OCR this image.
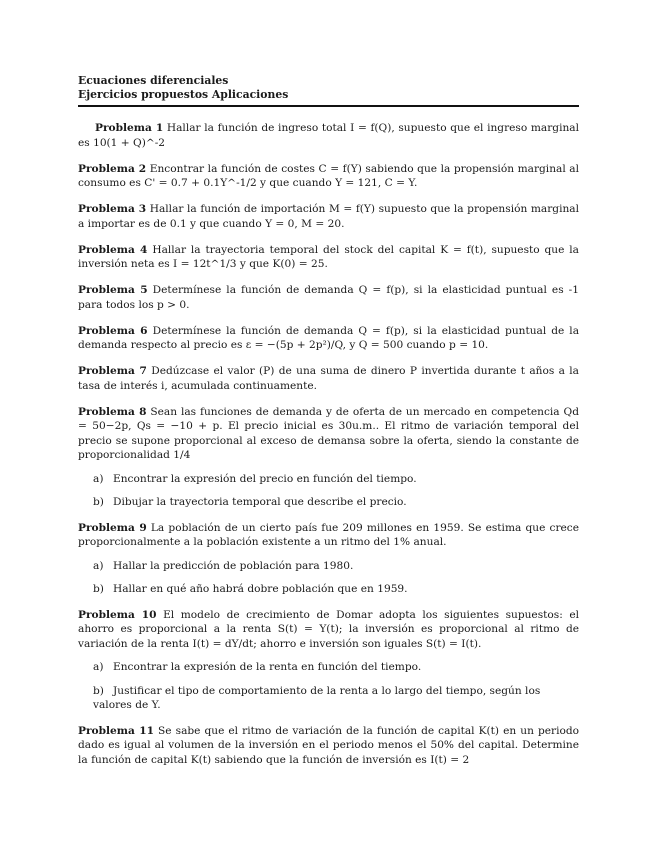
Ecuaciones diferenciales
Ejercicios propuestos Aplicaciones

Problema 1 Hallar la función de ingreso total I = f(Q), supuesto que el ingreso marginal es 10(1 + Q)^-2

Problema 2 Encontrar la función de costes C = f(Y) sabiendo que la propensión marginal al consumo es C' = 0.7 + 0.1Y^-1/2 y que cuando Y = 121, C = Y.

Problema 3 Hallar la función de importación M = f(Y) supuesto que la propensión marginal a importar es de 0.1 y que cuando Y = 0, M = 20.

Problema 4 Hallar la trayectoria temporal del stock del capital K = f(t), supuesto que la inversión neta es I = 12t^1/3 y que K(0) = 25.

Problema 5 Determínese la función de demanda Q = f(p), si la elasticidad puntual es -1 para todos los p > 0.

Problema 6 Determínese la función de demanda Q = f(p), si la elasticidad puntual de la demanda respecto al precio es ε = −(5p + 2p²)/Q, y Q = 500 cuando p = 10.

Problema 7 Dedúzcase el valor (P) de una suma de dinero P invertida durante t años a la tasa de interés i, acumulada continuamente.

Problema 8 Sean las funciones de demanda y de oferta de un mercado en competencia Qd = 50−2p, Qs = −10 + p. El precio inicial es 30u.m.. El ritmo de variación temporal del precio se supone proporcional al exceso de demansa sobre la oferta, siendo la constante de proporcionalidad 1/4

a) Encontrar la expresión del precio en función del tiempo.
b) Dibujar la trayectoria temporal que describe el precio.

Problema 9 La población de un cierto país fue 209 millones en 1959. Se estima que crece proporcionalmente a la población existente a un ritmo del 1% anual.

a) Hallar la predicción de población para 1980.
b) Hallar en qué año habrá dobre población que en 1959.

Problema 10 El modelo de crecimiento de Domar adopta los siguientes supuestos: el ahorro es proporcional a la renta S(t) = Y(t); la inversión es proporcional al ritmo de variación de la renta I(t) = dY/dt; ahorro e inversión son iguales S(t) = I(t).

a) Encontrar la expresión de la renta en función del tiempo.
b) Justificar el tipo de comportamiento de la renta a lo largo del tiempo, según los valores de Y.

Problema 11 Se sabe que el ritmo de variación de la función de capital K(t) en un periodo dado es igual al volumen de la inversión en el periodo menos el 50% del capital. Determine la función de capital K(t) sabiendo que la función de inversión es I(t) = 2
